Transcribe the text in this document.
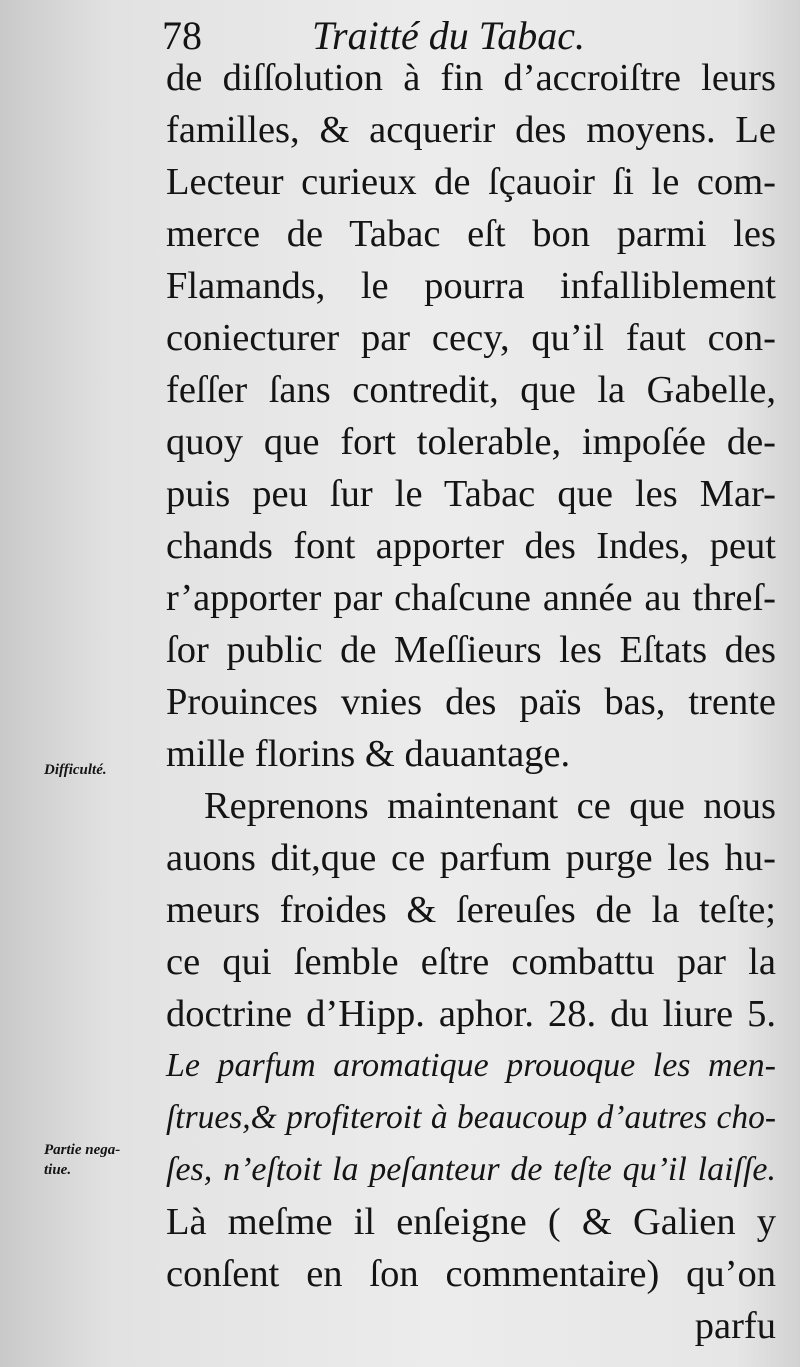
78	Traitté du Tabac.
de diſſolution à fin d’accroiſtre leurs
familles, & acquerir des moyens. Le
Lecteur curieux de ſçauoir ſi le com-
merce de Tabac eſt bon parmi les
Flamands, le pourra infalliblement
coniecturer par cecy, qu’il faut con-
feſſer ſans contredit, que la Gabelle,
quoy que fort tolerable, impoſée de-
puis peu ſur le Tabac que les Mar-
chands font apporter des Indes, peut
r’apporter par chaſcune année au threſ-
ſor public de Meſſieurs les Eſtats des
Prouinces vnies des païs bas, trente
mille florins & dauantage.
Reprenons maintenant ce que nous
auons dit,que ce parfum purge les hu-
meurs froides & ſereuſes de la teſte;
ce qui ſemble eſtre combattu par la
doctrine d’Hipp. aphor. 28. du liure 5.
Le parfum aromatique prouoque les men-
ſtrues,& profiteroit à beaucoup d’autres cho-
ſes, n’eſtoit la peſanteur de teſte qu’il laiſſe.
Là meſme il enſeigne ( & Galien y
conſent en ſon commentaire) qu’on
parfu
Difficulté.
Partie nega-
tiue.
